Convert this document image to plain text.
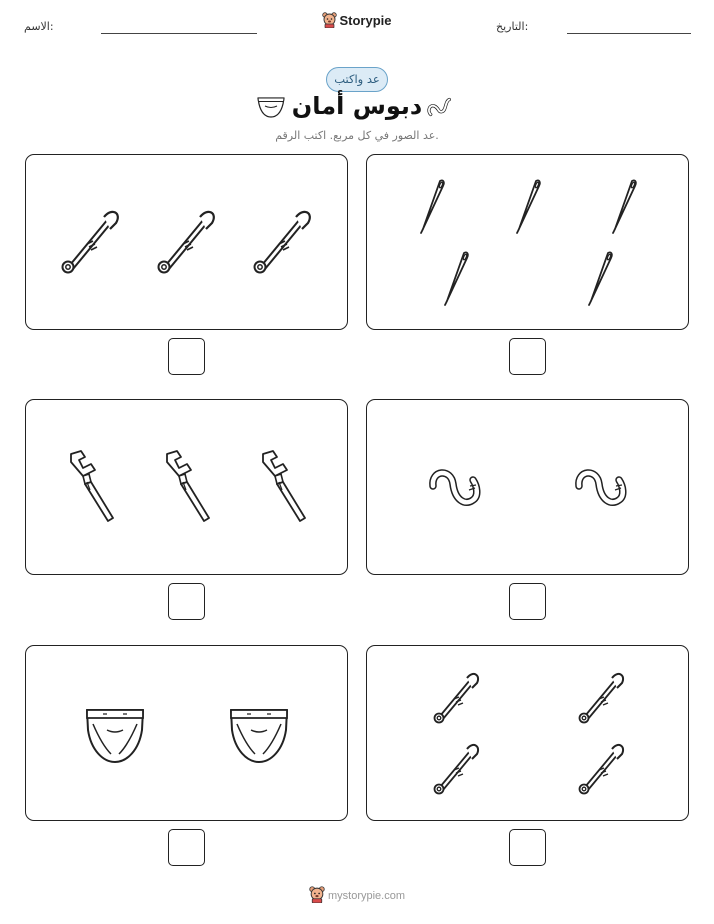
الاسم:	التاريخ:
Storypie
عد واكتب
دبوس أمان
عد الصور في كل مربع. اكتب الرقم.
mystorypie.com
